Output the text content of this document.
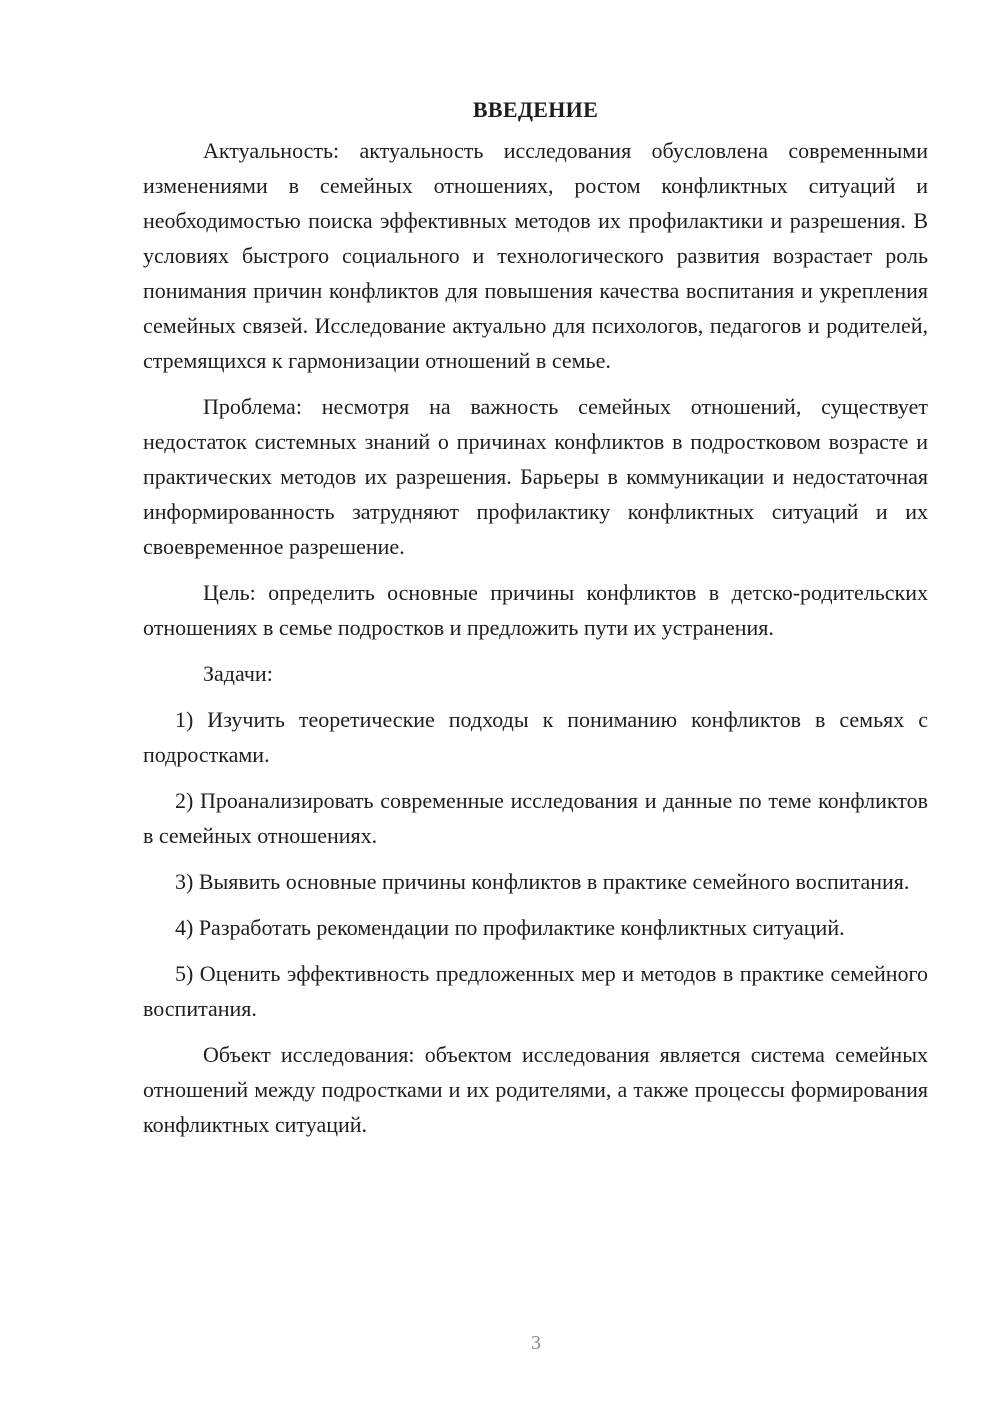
ВВЕДЕНИЕ

Актуальность: актуальность исследования обусловлена современными изменениями в семейных отношениях, ростом конфликтных ситуаций и необходимостью поиска эффективных методов их профилактики и разрешения. В условиях быстрого социального и технологического развития возрастает роль понимания причин конфликтов для повышения качества воспитания и укрепления семейных связей. Исследование актуально для психологов, педагогов и родителей, стремящихся к гармонизации отношений в семье.

Проблема: несмотря на важность семейных отношений, существует недостаток системных знаний о причинах конфликтов в подростковом возрасте и практических методов их разрешения. Барьеры в коммуникации и недостаточная информированность затрудняют профилактику конфликтных ситуаций и их своевременное разрешение.

Цель: определить основные причины конфликтов в детско-родительских отношениях в семье подростков и предложить пути их устранения.

Задачи:

1) Изучить теоретические подходы к пониманию конфликтов в семьях с подростками.

2) Проанализировать современные исследования и данные по теме конфликтов в семейных отношениях.

3) Выявить основные причины конфликтов в практике семейного воспитания.

4) Разработать рекомендации по профилактике конфликтных ситуаций.

5) Оценить эффективность предложенных мер и методов в практике семейного воспитания.

Объект исследования: объектом исследования является система семейных отношений между подростками и их родителями, а также процессы формирования конфликтных ситуаций.

3
